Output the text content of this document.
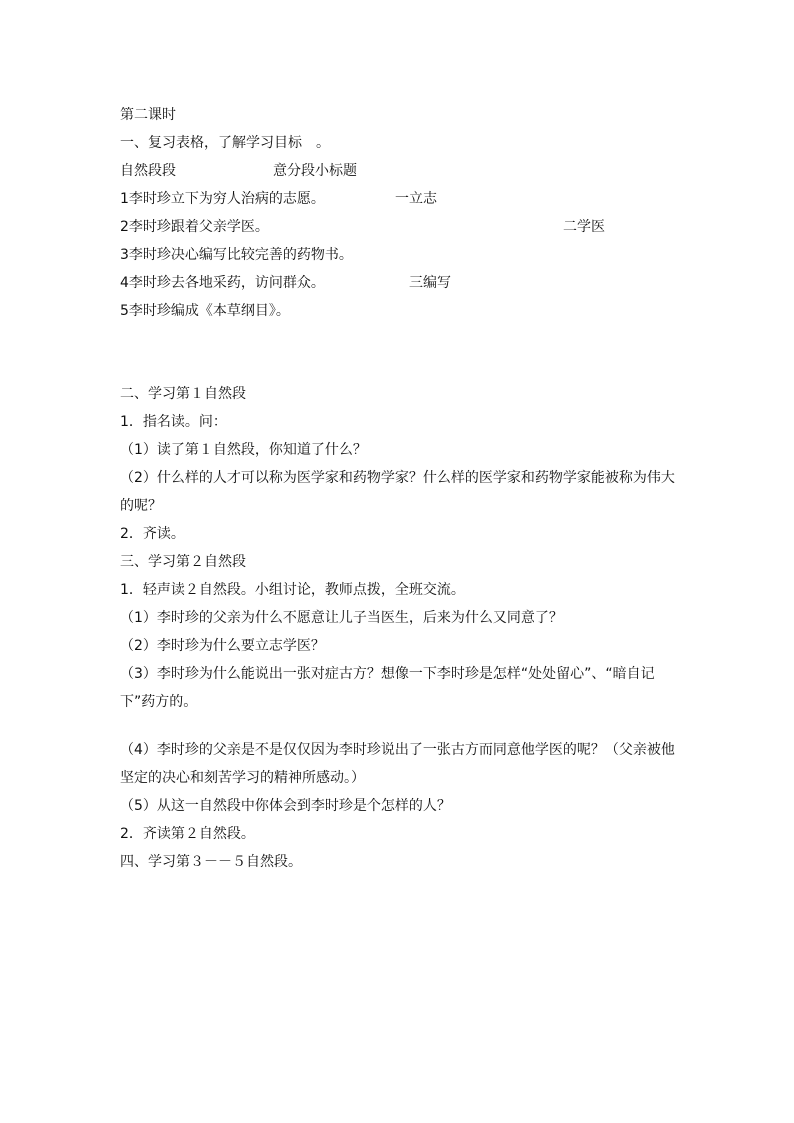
第二课时
一、复习表格，了解学习目标　。
自然段段	意分段小标题
1李时珍立下为穷人治病的志愿。	一立志
2李时珍跟着父亲学医。	二学医
3李时珍决心编写比较完善的药物书。
4李时珍去各地采药，访问群众。	三编写
5李时珍编成《本草纲目》。
二、学习第１自然段
1．指名读。问：
（1）读了第１自然段，你知道了什么？
（2）什么样的人才可以称为医学家和药物学家？什么样的医学家和药物学家能被称为伟大
的呢？
2．齐读。
三、学习第２自然段
1．轻声读２自然段。小组讨论，教师点拨，全班交流。
（1）李时珍的父亲为什么不愿意让儿子当医生，后来为什么又同意了？
（2）李时珍为什么要立志学医？
（3）李时珍为什么能说出一张对症古方？想像一下李时珍是怎样“处处留心”、“暗自记
下”药方的。
（4）李时珍的父亲是不是仅仅因为李时珍说出了一张古方而同意他学医的呢？（父亲被他
坚定的决心和刻苦学习的精神所感动。）
（5）从这一自然段中你体会到李时珍是个怎样的人？
2．齐读第２自然段。
四、学习第３－－５自然段。
